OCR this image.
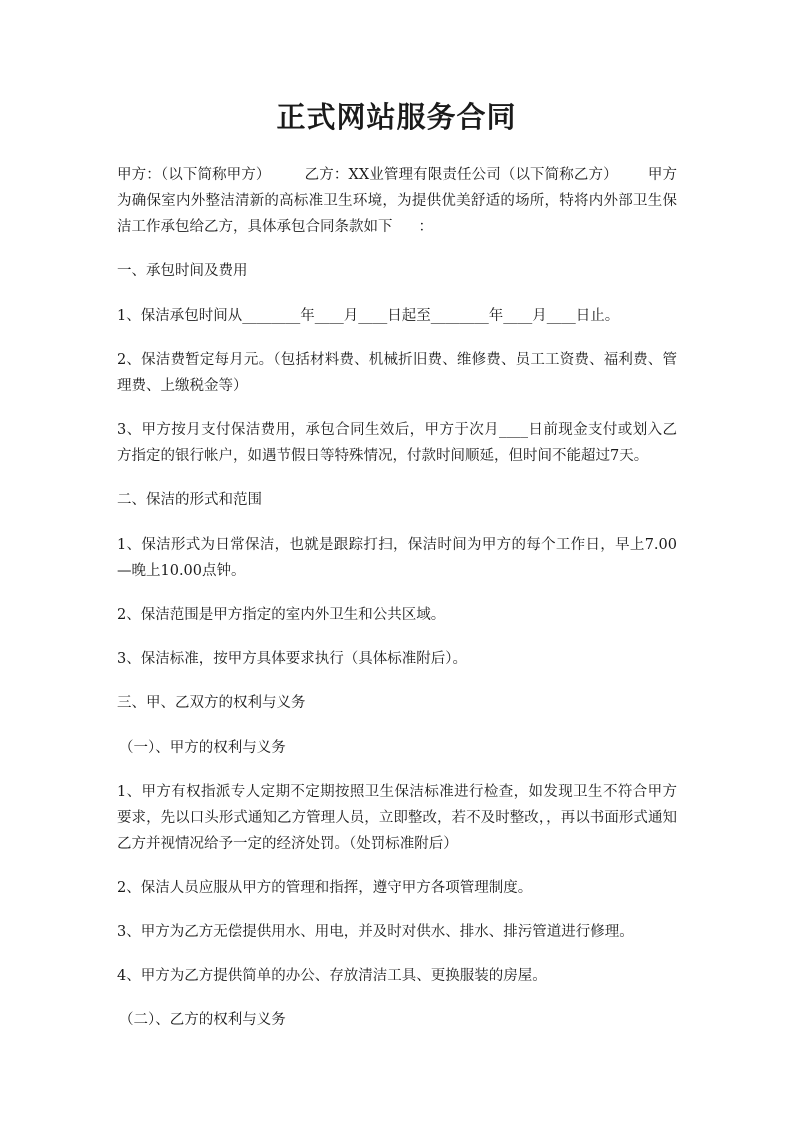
正式网站服务合同

甲方：（以下简称甲方） 乙方：XX业管理有限责任公司（以下简称乙方） 甲方为确保室内外整洁清新的高标准卫生环境，为提供优美舒适的场所，特将内外部卫生保洁工作承包给乙方，具体承包合同条款如下 ：

一、承包时间及费用

1、保洁承包时间从________年____月____日起至________年____月____日止。

2、保洁费暂定每月元。（包括材料费、机械折旧费、维修费、员工工资费、福利费、管理费、上缴税金等）

3、甲方按月支付保洁费用，承包合同生效后，甲方于次月____日前现金支付或划入乙方指定的银行帐户，如遇节假日等特殊情况，付款时间顺延，但时间不能超过7天。

二、保洁的形式和范围

1、保洁形式为日常保洁，也就是跟踪打扫，保洁时间为甲方的每个工作日，早上7.00—晚上10.00点钟。

2、保洁范围是甲方指定的室内外卫生和公共区域。

3、保洁标准，按甲方具体要求执行（具体标准附后）。

三、甲、乙双方的权利与义务

（一）、甲方的权利与义务

1、甲方有权指派专人定期不定期按照卫生保洁标准进行检查，如发现卫生不符合甲方要求，先以口头形式通知乙方管理人员，立即整改，若不及时整改，，再以书面形式通知乙方并视情况给予一定的经济处罚。（处罚标准附后）

2、保洁人员应服从甲方的管理和指挥，遵守甲方各项管理制度。

3、甲方为乙方无偿提供用水、用电，并及时对供水、排水、排污管道进行修理。

4、甲方为乙方提供简单的办公、存放清洁工具、更换服装的房屋。

（二）、乙方的权利与义务
